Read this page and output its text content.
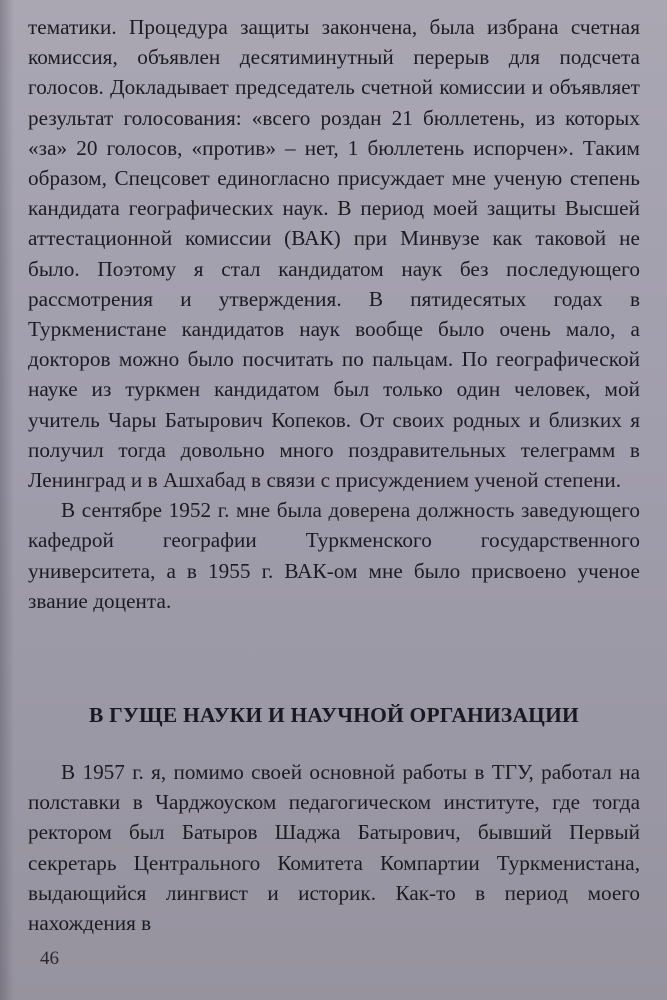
тематики. Процедура защиты закончена, была избрана счетная комиссия, объявлен десятиминутный перерыв для подсчета голосов. Докладывает председатель счетной комиссии и объявляет результат голосования: «всего роздан 21 бюллетень, из которых «за» 20 голосов, «против» – нет, 1 бюллетень испорчен». Таким образом, Спецсовет единогласно присуждает мне ученую степень кандидата географических наук. В период моей защиты Высшей аттестационной комиссии (ВАК) при Минвузе как таковой не было. Поэтому я стал кандидатом наук без последующего рассмотрения и утверждения. В пятидесятых годах в Туркменистане кандидатов наук вообще было очень мало, а докторов можно было посчитать по пальцам. По географической науке из туркмен кандидатом был только один человек, мой учитель Чары Батырович Копеков. От своих родных и близких я получил тогда довольно много поздравительных телеграмм в Ленинград и в Ашхабад в связи с присуждением ученой степени.

В сентябре 1952 г. мне была доверена должность заведующего кафедрой географии Туркменского государственного университета, а в 1955 г. ВАК-ом мне было присвоено ученое звание доцента.

В ГУЩЕ НАУКИ И НАУЧНОЙ ОРГАНИЗАЦИИ

В 1957 г. я, помимо своей основной работы в ТГУ, работал на полставки в Чарджоуском педагогическом институте, где тогда ректором был Батыров Шаджа Батырович, бывший Первый секретарь Центрального Комитета Компартии Туркменистана, выдающийся лингвист и историк. Как-то в период моего нахождения в

46
